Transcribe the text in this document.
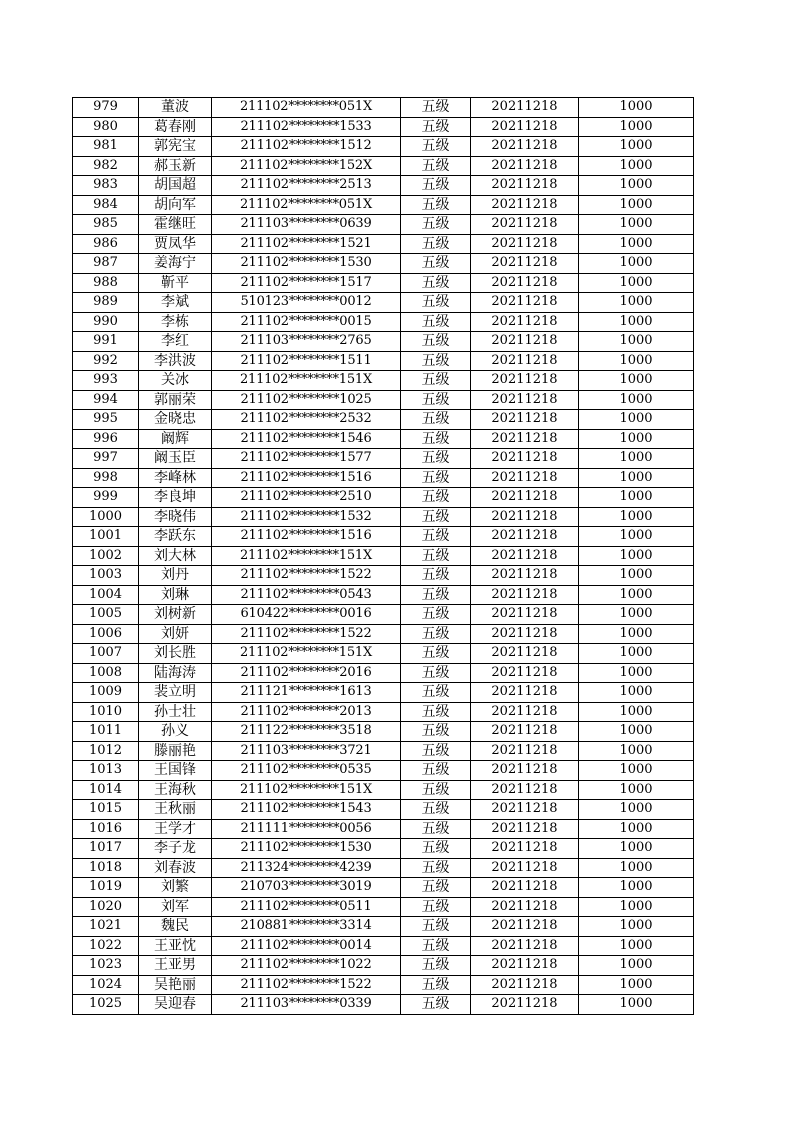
979	董波	211102********051X	五级	20211218	1000
980	葛春刚	211102********1533	五级	20211218	1000
981	郭宪宝	211102********1512	五级	20211218	1000
982	郝玉新	211102********152X	五级	20211218	1000
983	胡国超	211102********2513	五级	20211218	1000
984	胡向军	211102********051X	五级	20211218	1000
985	霍继旺	211103********0639	五级	20211218	1000
986	贾凤华	211102********1521	五级	20211218	1000
987	姜海宁	211102********1530	五级	20211218	1000
988	靳平	211102********1517	五级	20211218	1000
989	李斌	510123********0012	五级	20211218	1000
990	李栋	211102********0015	五级	20211218	1000
991	李红	211103********2765	五级	20211218	1000
992	李洪波	211102********1511	五级	20211218	1000
993	关冰	211102********151X	五级	20211218	1000
994	郭丽荣	211102********1025	五级	20211218	1000
995	金晓忠	211102********2532	五级	20211218	1000
996	阚辉	211102********1546	五级	20211218	1000
997	阚玉臣	211102********1577	五级	20211218	1000
998	李峰林	211102********1516	五级	20211218	1000
999	李良坤	211102********2510	五级	20211218	1000
1000	李晓伟	211102********1532	五级	20211218	1000
1001	李跃东	211102********1516	五级	20211218	1000
1002	刘大林	211102********151X	五级	20211218	1000
1003	刘丹	211102********1522	五级	20211218	1000
1004	刘琳	211102********0543	五级	20211218	1000
1005	刘树新	610422********0016	五级	20211218	1000
1006	刘妍	211102********1522	五级	20211218	1000
1007	刘长胜	211102********151X	五级	20211218	1000
1008	陆海涛	211102********2016	五级	20211218	1000
1009	裴立明	211121********1613	五级	20211218	1000
1010	孙士壮	211102********2013	五级	20211218	1000
1011	孙义	211122********3518	五级	20211218	1000
1012	滕丽艳	211103********3721	五级	20211218	1000
1013	王国锋	211102********0535	五级	20211218	1000
1014	王海秋	211102********151X	五级	20211218	1000
1015	王秋丽	211102********1543	五级	20211218	1000
1016	王学才	211111********0056	五级	20211218	1000
1017	李子龙	211102********1530	五级	20211218	1000
1018	刘春波	211324********4239	五级	20211218	1000
1019	刘繁	210703********3019	五级	20211218	1000
1020	刘军	211102********0511	五级	20211218	1000
1021	魏民	210881********3314	五级	20211218	1000
1022	王亚忱	211102********0014	五级	20211218	1000
1023	王亚男	211102********1022	五级	20211218	1000
1024	吴艳丽	211102********1522	五级	20211218	1000
1025	吴迎春	211103********0339	五级	20211218	1000
